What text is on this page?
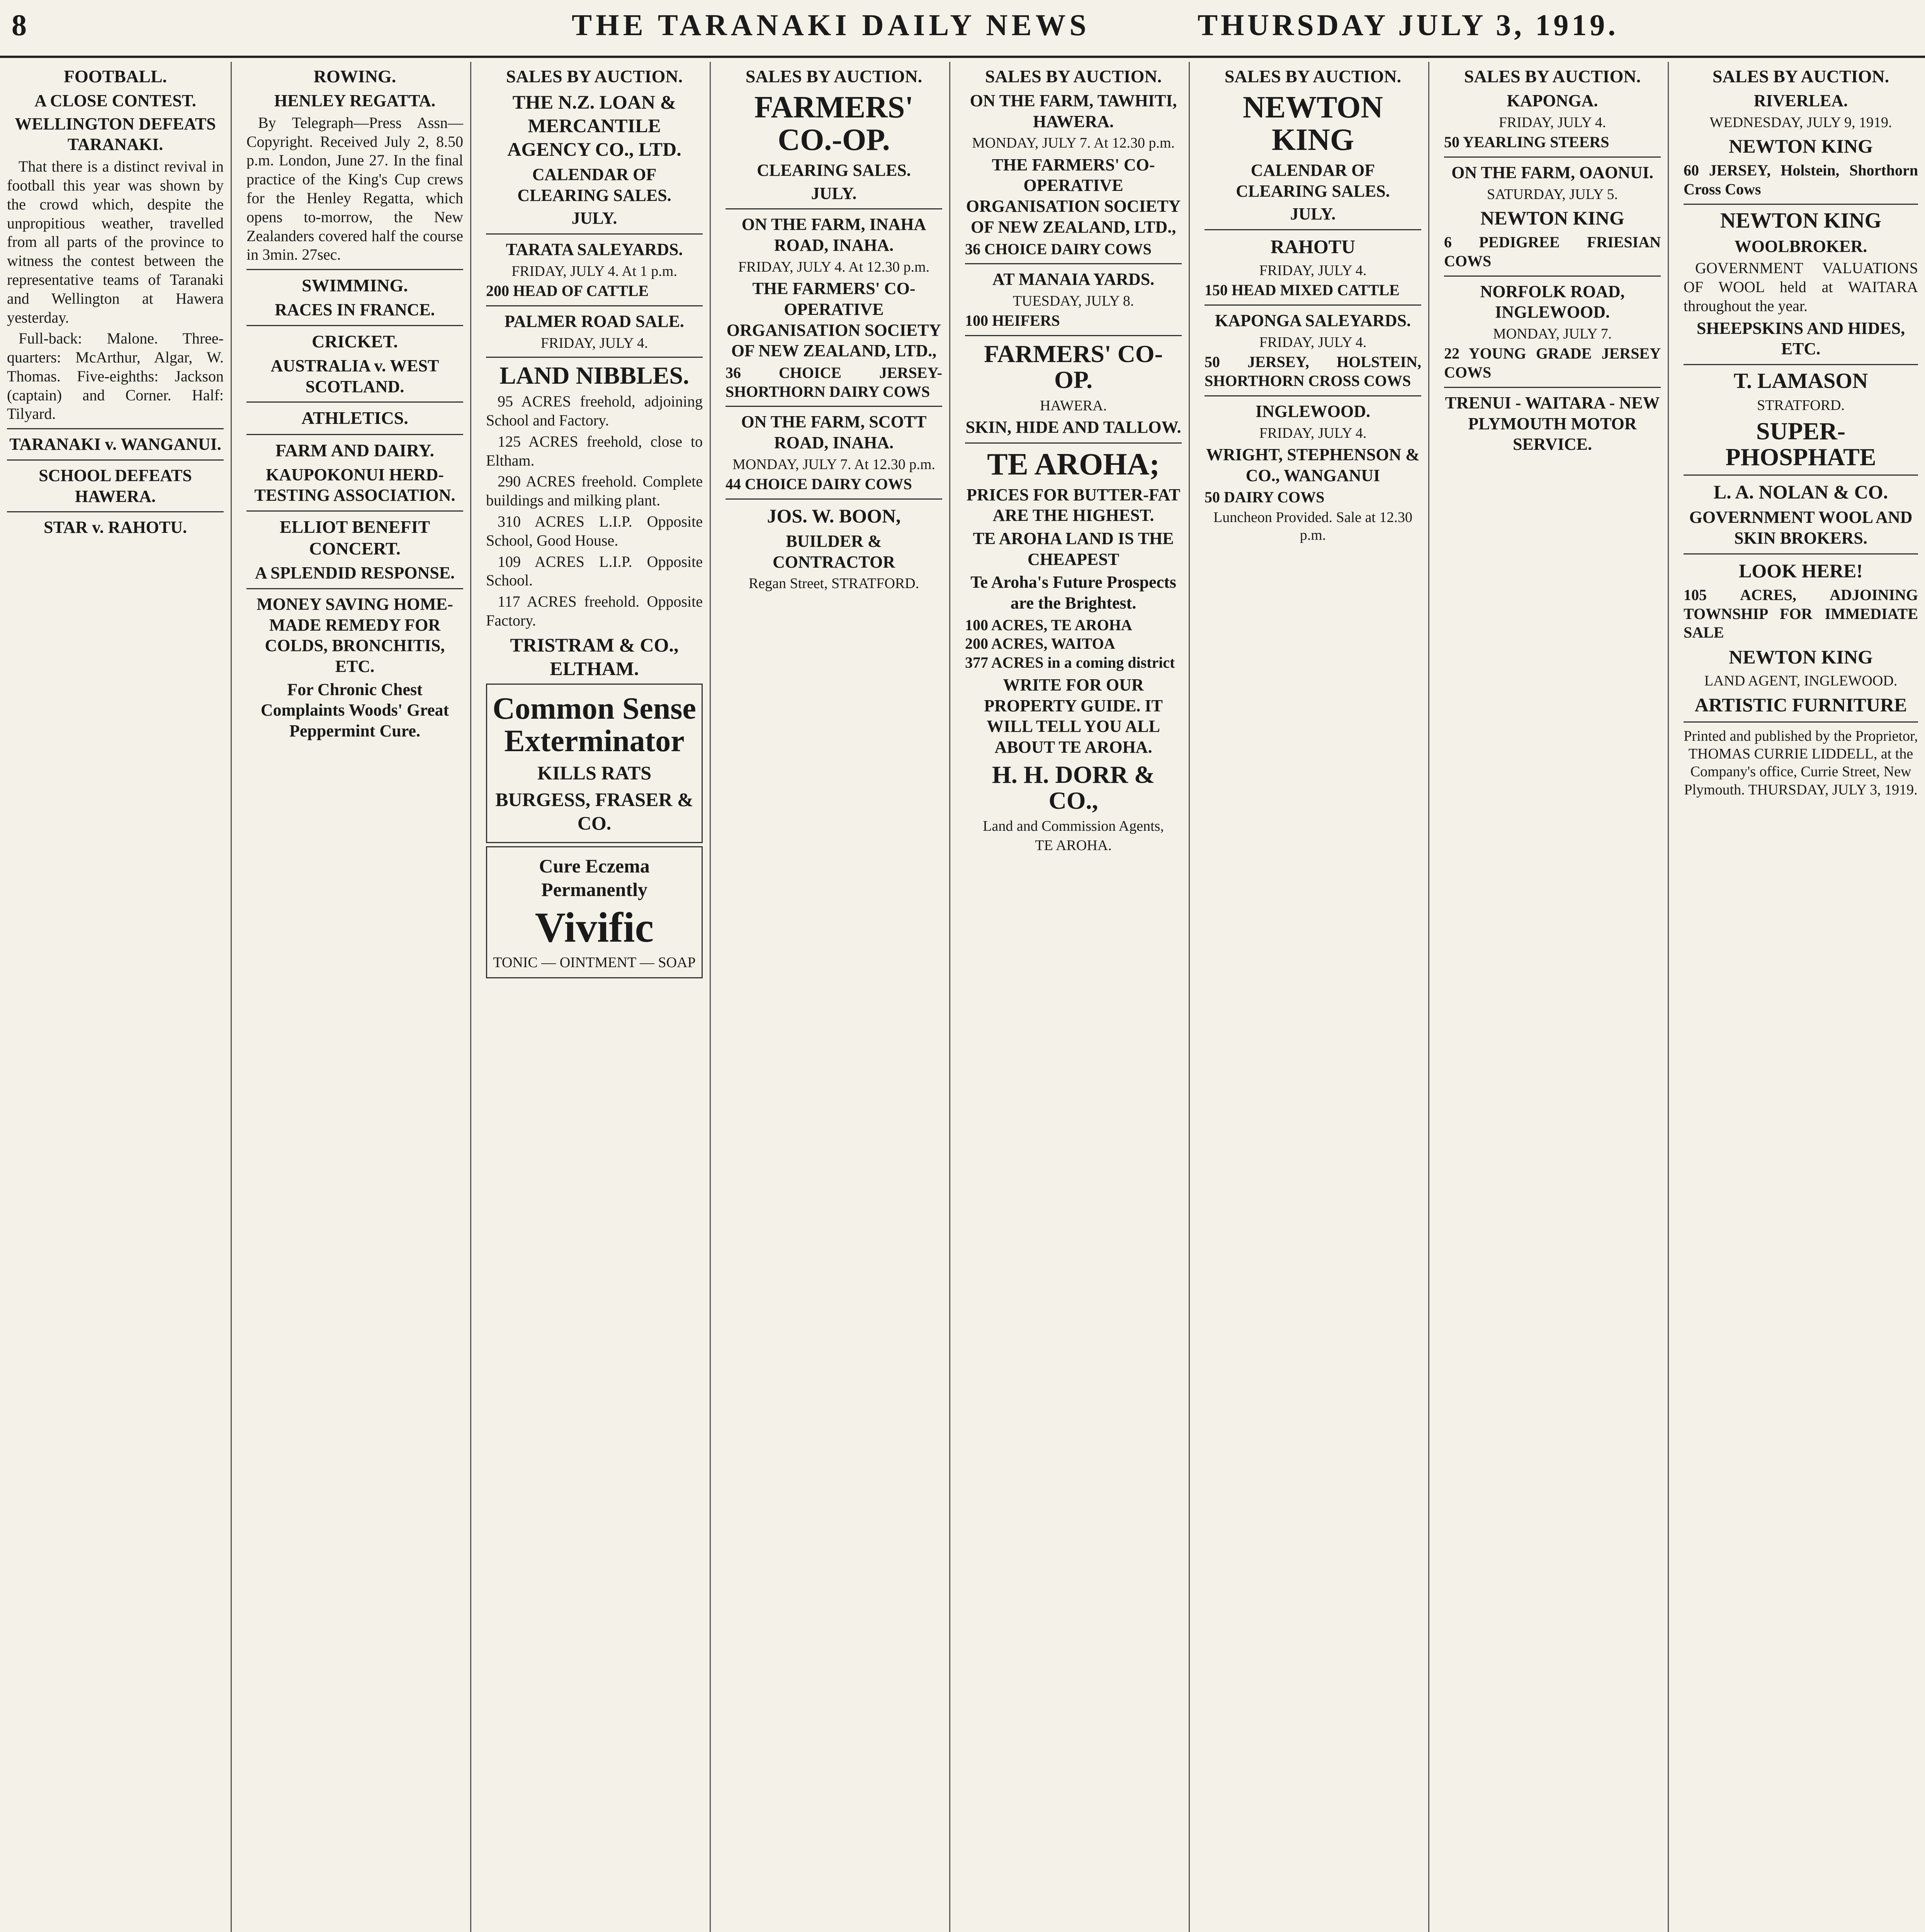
8	THE TARANAKI DAILY NEWS	THURSDAY JULY 3, 1919.
FOOTBALL.
A CLOSE CONTEST.
WELLINGTON DEFEATS TARANAKI.
That there is a distinct revival in football this year was shown by the crowd which, despite the unpropitious weather, travelled from all parts of the province to witness the contest between the representative teams of Taranaki and Wellington at Hawera yesterday.
Full-back: Malone. Three-quarters: McArthur, Algar, W. Thomas. Five-eighths: Jackson (captain) and Corner. Half: Tilyard.
TARANAKI v. WANGANUI.
SCHOOL DEFEATS HAWERA.
STAR v. RAHOTU.
ROWING.
HENLEY REGATTA.
By Telegraph—Press Assn—Copyright. Received July 2, 8.50 p.m. London, June 27. In the final practice of the King's Cup crews for the Henley Regatta, which opens to-morrow, the New Zealanders covered half the course in 3min. 27sec.
SWIMMING.
RACES IN FRANCE.
CRICKET.
AUSTRALIA v. WEST SCOTLAND.
ATHLETICS.
FARM AND DAIRY.
KAUPOKONUI HERD-TESTING ASSOCIATION.
ELLIOT BENEFIT CONCERT.
A SPLENDID RESPONSE.
MONEY SAVING HOME-MADE REMEDY FOR COLDS, BRONCHITIS, ETC.
For Chronic Chest Complaints Woods' Great Peppermint Cure.
SALES BY AUCTION.
THE N.Z. LOAN & MERCANTILE AGENCY CO., LTD.
CALENDAR OF CLEARING SALES.
JULY.
TARATA SALEYARDS.
FRIDAY, JULY 4. At 1 p.m.
200 HEAD OF CATTLE
PALMER ROAD SALE.
FRIDAY, JULY 4.
LAND NIBBLES.
95 ACRES freehold, adjoining School and Factory.
125 ACRES freehold, close to Eltham.
290 ACRES freehold. Complete buildings and milking plant.
310 ACRES L.I.P. Opposite School, Good House.
109 ACRES L.I.P. Opposite School.
117 ACRES freehold. Opposite Factory.
TRISTRAM & CO., ELTHAM.
Common Sense Exterminator
KILLS RATS
BURGESS, FRASER & CO.
Cure Eczema Permanently
Vivific
TONIC — OINTMENT — SOAP
SALES BY AUCTION.
FARMERS' CO.-OP.
CLEARING SALES.
JULY.
ON THE FARM, INAHA ROAD, INAHA.
FRIDAY, JULY 4. At 12.30 p.m.
THE FARMERS' CO-OPERATIVE ORGANISATION SOCIETY OF NEW ZEALAND, LTD.,
36 CHOICE JERSEY-SHORTHORN DAIRY COWS
ON THE FARM, SCOTT ROAD, INAHA.
MONDAY, JULY 7. At 12.30 p.m.
44 CHOICE DAIRY COWS
JOS. W. BOON,
BUILDER & CONTRACTOR
Regan Street, STRATFORD.
SALES BY AUCTION.
ON THE FARM, TAWHITI, HAWERA.
MONDAY, JULY 7. At 12.30 p.m.
THE FARMERS' CO-OPERATIVE ORGANISATION SOCIETY OF NEW ZEALAND, LTD.,
36 CHOICE DAIRY COWS
AT MANAIA YARDS.
TUESDAY, JULY 8.
100 HEIFERS
FARMERS' CO-OP.
HAWERA.
SKIN, HIDE AND TALLOW.
TE AROHA;
PRICES FOR BUTTER-FAT ARE THE HIGHEST.
TE AROHA LAND IS THE CHEAPEST
Te Aroha's Future Prospects are the Brightest.
100 ACRES, TE AROHA
200 ACRES, WAITOA
377 ACRES in a coming district
WRITE FOR OUR PROPERTY GUIDE. IT WILL TELL YOU ALL ABOUT TE AROHA.
H. H. DORR & CO.,
Land and Commission Agents,
TE AROHA.
SALES BY AUCTION.
NEWTON KING
CALENDAR OF CLEARING SALES.
JULY.
RAHOTU
FRIDAY, JULY 4.
150 HEAD MIXED CATTLE
KAPONGA SALEYARDS.
FRIDAY, JULY 4.
50 JERSEY, HOLSTEIN, SHORTHORN CROSS COWS
INGLEWOOD.
FRIDAY, JULY 4.
WRIGHT, STEPHENSON & CO., WANGANUI
50 DAIRY COWS
Luncheon Provided. Sale at 12.30 p.m.
SALES BY AUCTION.
KAPONGA.
FRIDAY, JULY 4.
50 YEARLING STEERS
ON THE FARM, OAONUI.
SATURDAY, JULY 5.
NEWTON KING
6 PEDIGREE FRIESIAN COWS
NORFOLK ROAD, INGLEWOOD.
MONDAY, JULY 7.
22 YOUNG GRADE JERSEY COWS
TRENUI - WAITARA - NEW PLYMOUTH MOTOR SERVICE.
SALES BY AUCTION.
RIVERLEA.
WEDNESDAY, JULY 9, 1919.
NEWTON KING
60 JERSEY, Holstein, Shorthorn Cross Cows
NEWTON KING
WOOLBROKER.
GOVERNMENT VALUATIONS OF WOOL held at WAITARA throughout the year.
SHEEPSKINS AND HIDES, ETC.
T. LAMASON
STRATFORD.
SUPER-PHOSPHATE
L. A. NOLAN & CO.
GOVERNMENT WOOL AND SKIN BROKERS.
LOOK HERE!
105 ACRES, ADJOINING TOWNSHIP FOR IMMEDIATE SALE
NEWTON KING
LAND AGENT, INGLEWOOD.
ARTISTIC FURNITURE
Printed and published by the Proprietor, THOMAS CURRIE LIDDELL, at the Company's office, Currie Street, New Plymouth. THURSDAY, JULY 3, 1919.
